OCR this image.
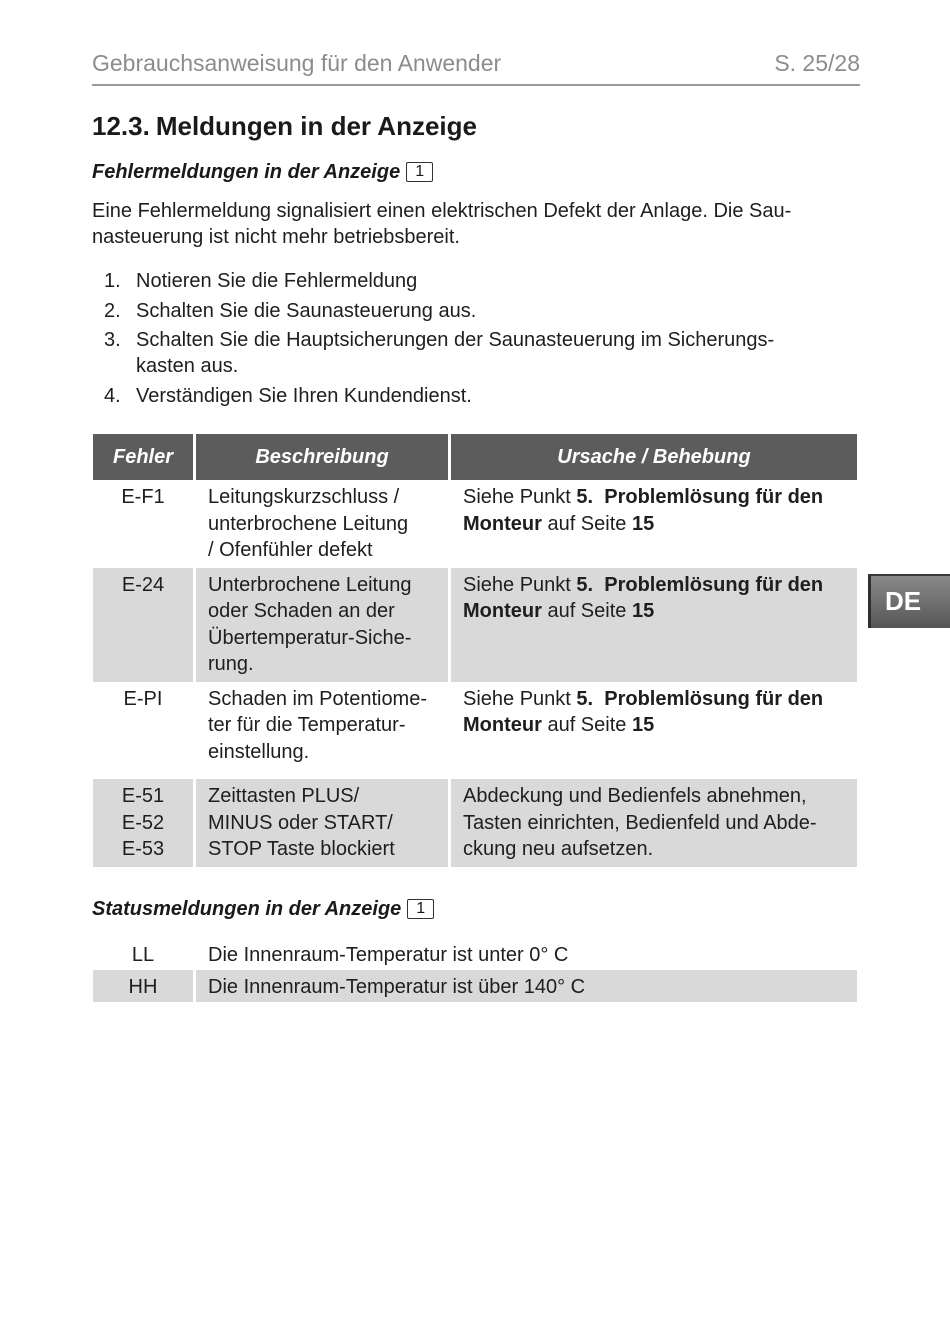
Gebrauchsanweisung für den Anwender	S. 25/28
12.3. Meldungen in der Anzeige
Fehlermeldungen in der Anzeige 1

Eine Fehlermeldung signalisiert einen elektrischen Defekt der Anlage. Die Sau-
nasteuerung ist nicht mehr betriebsbereit.

1. Notieren Sie die Fehlermeldung
2. Schalten Sie die Saunasteuerung aus.
3. Schalten Sie die Hauptsicherungen der Saunasteuerung im Sicherungs-
kasten aus.
4. Verständigen Sie Ihren Kundendienst.
Fehler	Beschreibung	Ursache / Behebung
E-F1	Leitungskurzschluss /
unterbrochene Leitung
/ Ofenfühler defekt	Siehe Punkt 5. Problemlösung für den
Monteur auf Seite 15
E-24	Unterbrochene Leitung
oder Schaden an der
Übertemperatur-Siche-
rung.	Siehe Punkt 5. Problemlösung für den
Monteur auf Seite 15
E-PI	Schaden im Potentiome-
ter für die Temperatur-
einstellung.	Siehe Punkt 5. Problemlösung für den
Monteur auf Seite 15

E-51
E-52
E-53	Zeittasten PLUS/
MINUS oder START/
STOP Taste blockiert	Abdeckung und Bedienfels abnehmen,
Tasten einrichten, Bedienfeld und Abde-
ckung neu aufsetzen.
Statusmeldungen in der Anzeige 1
LL	Die Innenraum-Temperatur ist unter 0° C
HH	Die Innenraum-Temperatur ist über 140° C
DE
